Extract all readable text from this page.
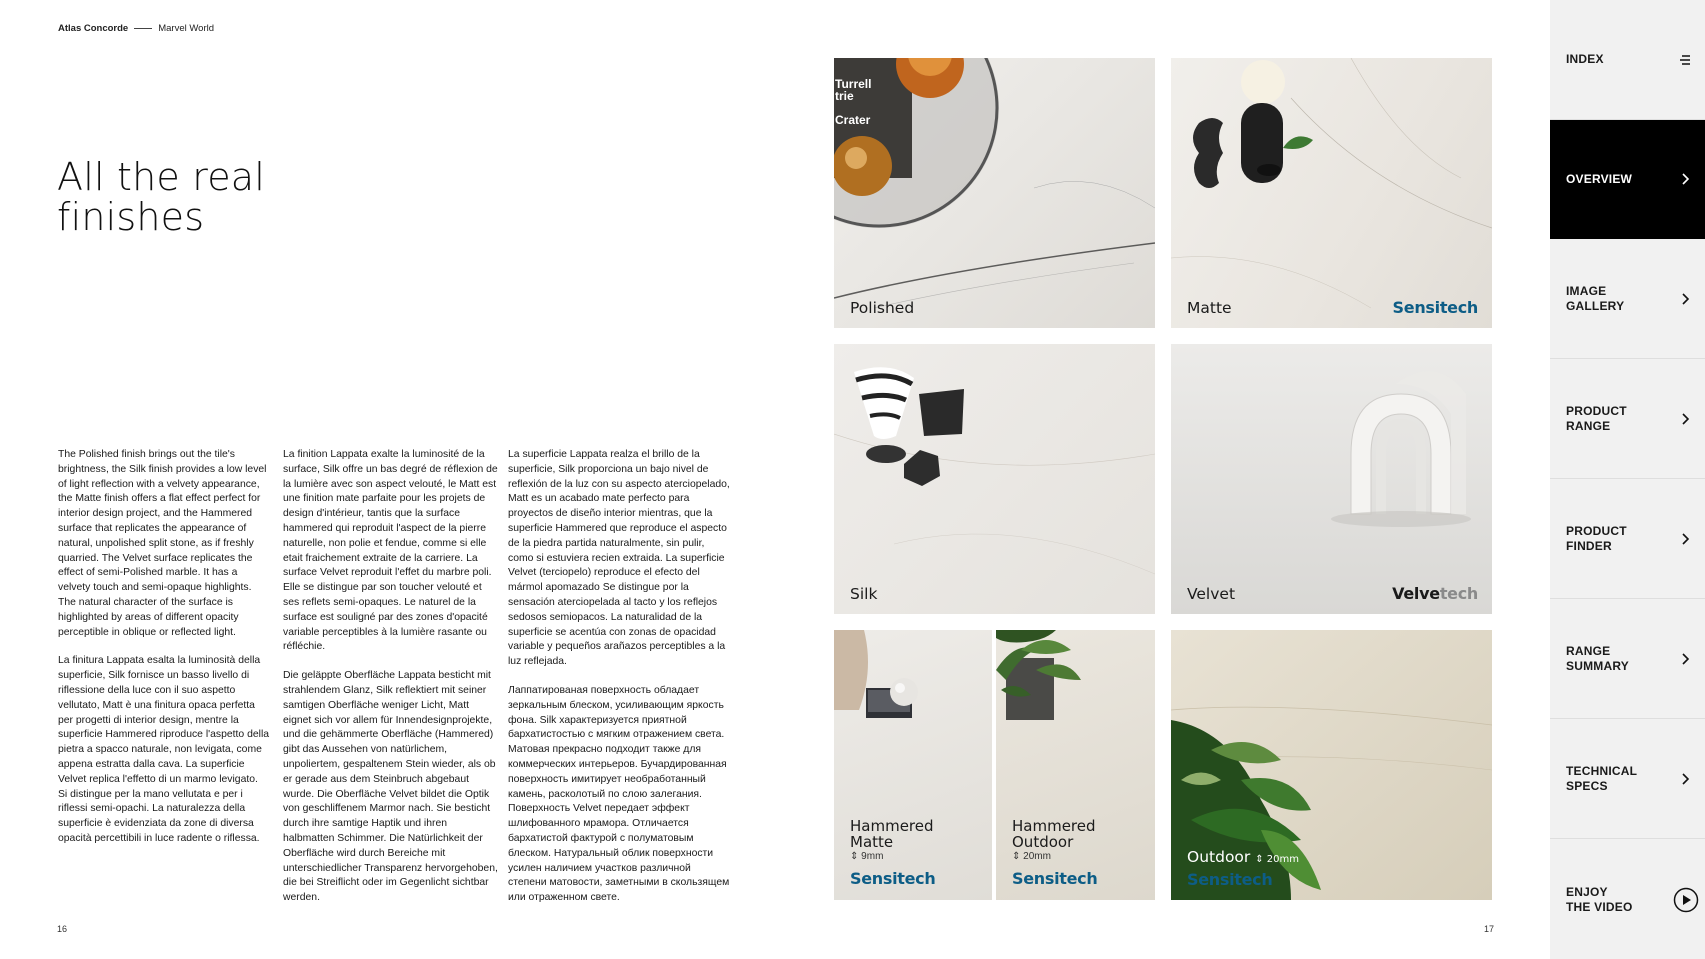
Atlas Concorde	Marvel World
All the real finishes

The Polished finish brings out the tile's brightness, the Silk finish provides a low level of light reflection with a velvety appearance, the Matte finish offers a flat effect perfect for interior design project, and the Hammered surface that replicates the appearance of natural, unpolished split stone, as if freshly quarried. The Velvet surface replicates the effect of semi-Polished marble. It has a velvety touch and semi-opaque highlights. The natural character of the surface is highlighted by areas of different opacity perceptible in oblique or reflected light.

La finitura Lappata esalta la luminosità della superficie, Silk fornisce un basso livello di riflessione della luce con il suo aspetto vellutato, Matt è una finitura opaca perfetta per progetti di interior design, mentre la superficie Hammered riproduce l'aspetto della pietra a spacco naturale, non levigata, come appena estratta dalla cava. La superficie Velvet replica l'effetto di un marmo levigato. Si distingue per la mano vellutata e per i riflessi semi-opachi. La naturalezza della superficie è evidenziata da zone di diversa opacità percettibili in luce radente o riflessa.

La finition Lappata exalte la luminosité de la surface, Silk offre un bas degré de réflexion de la lumière avec son aspect velouté, le Matt est une finition mate parfaite pour les projets de design d'intérieur, tantis que la surface hammered qui reproduit l'aspect de la pierre naturelle, non polie et fendue, comme si elle etait fraichement extraite de la carriere. La surface Velvet reproduit l'effet du marbre poli. Elle se distingue par son toucher velouté et ses reflets semi-opaques. Le naturel de la surface est souligné par des zones d'opacité variable perceptibles à la lumière rasante ou réfléchie.

Die geläppte Oberfläche Lappata besticht mit strahlendem Glanz, Silk reflektiert mit seiner samtigen Oberfläche weniger Licht, Matt eignet sich vor allem für Innendesignprojekte, und die gehämmerte Oberfläche (Hammered) gibt das Aussehen von natürlichem, unpoliertem, gespaltenem Stein wieder, als ob er gerade aus dem Steinbruch abgebaut wurde. Die Oberfläche Velvet bildet die Optik von geschliffenem Marmor nach. Sie besticht durch ihre samtige Haptik und ihren halbmatten Schimmer. Die Natürlichkeit der Oberfläche wird durch Bereiche mit unterschiedlicher Transparenz hervorgehoben, die bei Streiflicht oder im Gegenlicht sichtbar werden.

La superficie Lappata realza el brillo de la superficie, Silk proporciona un bajo nivel de reflexión de la luz con su aspecto aterciopelado, Matt es un acabado mate perfecto para proyectos de diseño interior mientras, que la superficie Hammered que reproduce el aspecto de la piedra partida naturalmente, sin pulir, como si estuviera recien extraida. La superficie Velvet (terciopelo) reproduce el efecto del mármol apomazado Se distingue por la sensación aterciopelada al tacto y los reflejos sedosos semiopacos. La naturalidad de la superficie se acentúa con zonas de opacidad variable y pequeños arañazos perceptibles a la luz reflejada.

Лаппатированая поверхность обладает зеркальным блеском, усиливающим яркость фона. Silk характеризуется приятной бархатистостью с мягким отражением света. Матовая прекрасно подходит также для коммерческих интерьеров. Бучардированная поверхность имитирует необработанный камень, расколотый по слою залегания. Поверхность Velvet передает эффект шлифованного мрамора. Отличается бархатистой фактурой с полуматовым блеском. Натуральный облик поверхности усилен наличием участков различной степени матовости, заметными в скользящем или отраженном свете.

16	17
Turrell
trie
Crater
Polished	Matte	Sensitech
Silk	Velvet	Velvetech
Hammered
Matte
⇕ 9mm
Sensitech
Hammered
Outdoor
⇕ 20mm
Sensitech
Outdoor ⇕ 20mm
Sensitech
INDEX
OVERVIEW
IMAGE
GALLERY
PRODUCT
RANGE
PRODUCT
FINDER
RANGE
SUMMARY
TECHNICAL
SPECS
ENJOY
THE VIDEO
